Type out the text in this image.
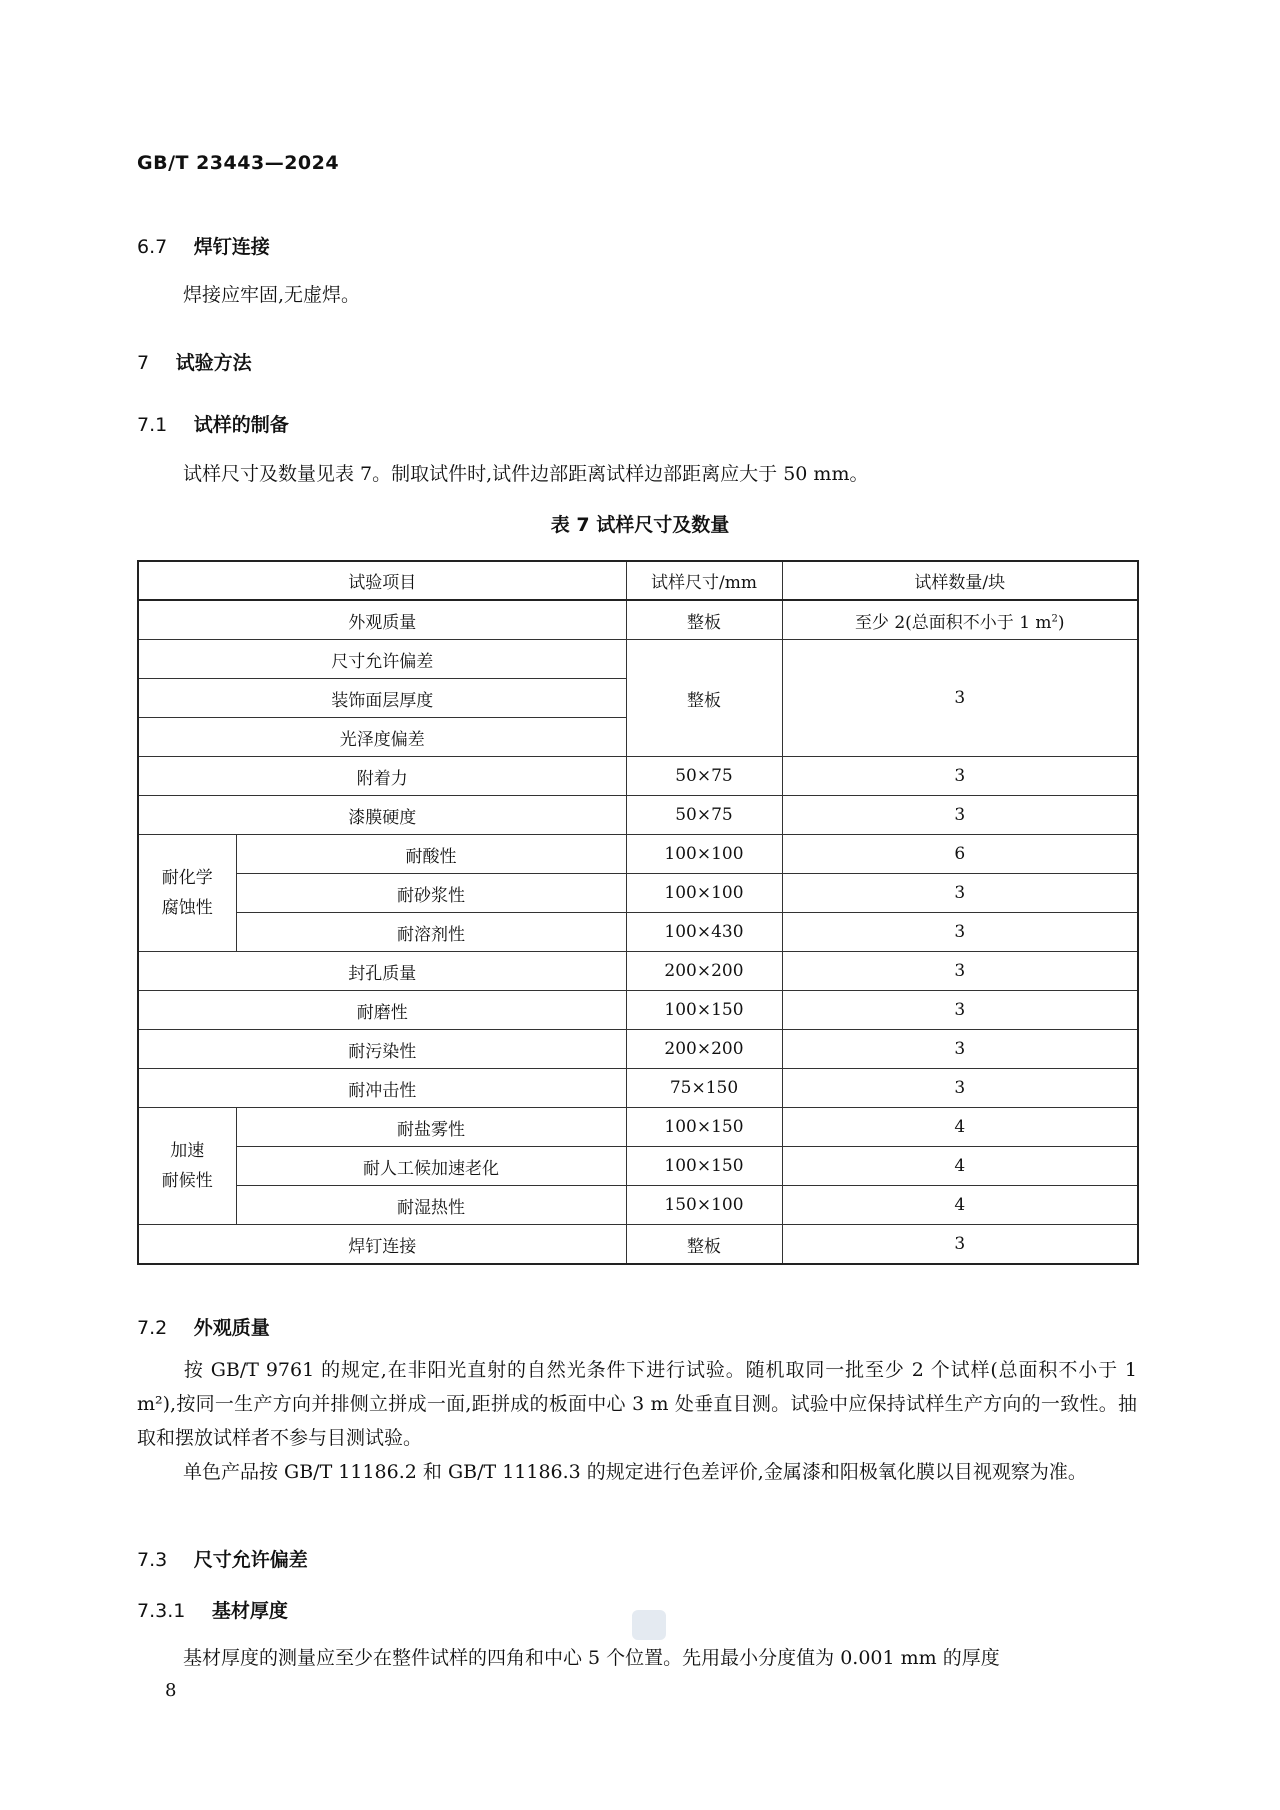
GB/T 23443—2024
6.7 焊钉连接
焊接应牢固,无虚焊。
7 试验方法
7.1 试样的制备
试样尺寸及数量见表 7。制取试件时,试件边部距离试样边部距离应大于 50 mm。
表 7 试样尺寸及数量
试验项目		试样尺寸/mm	试样数量/块
外观质量		整板	至少 2(总面积不小于 1 $m^2$)
尺寸允许偏差		整板	3
装饰面层厚度			
光泽度偏差			
附着力		50×75	3
漆膜硬度		50×75	3

耐化学
腐蚀性	耐酸性	100×100	6
	耐砂浆性	100×100	3
	耐溶剂性	100×430	3
封孔质量		200×200	3
耐磨性		100×150	3
耐污染性		200×200	3
耐冲击性		75×150	3

加速
耐候性	耐盐雾性	100×150	4
	耐人工候加速老化	100×150	4
	耐湿热性	150×100	4
焊钉连接		整板	3
7.2 外观质量
按 GB/T 9761 的规定,在非阳光直射的自然光条件下进行试验。随机取同一批至少 2 个试样(总面积不小于 1 m²),按同一生产方向并排侧立拼成一面,距拼成的板面中心 3 m 处垂直目测。试验中应保持试样生产方向的一致性。抽取和摆放试样者不参与目测试验。
单色产品按 GB/T 11186.2 和 GB/T 11186.3 的规定进行色差评价,金属漆和阳极氧化膜以目视观察为准。
7.3 尺寸允许偏差
7.3.1 基材厚度
基材厚度的测量应至少在整件试样的四角和中心 5 个位置。先用最小分度值为 0.001 mm 的厚度
8
